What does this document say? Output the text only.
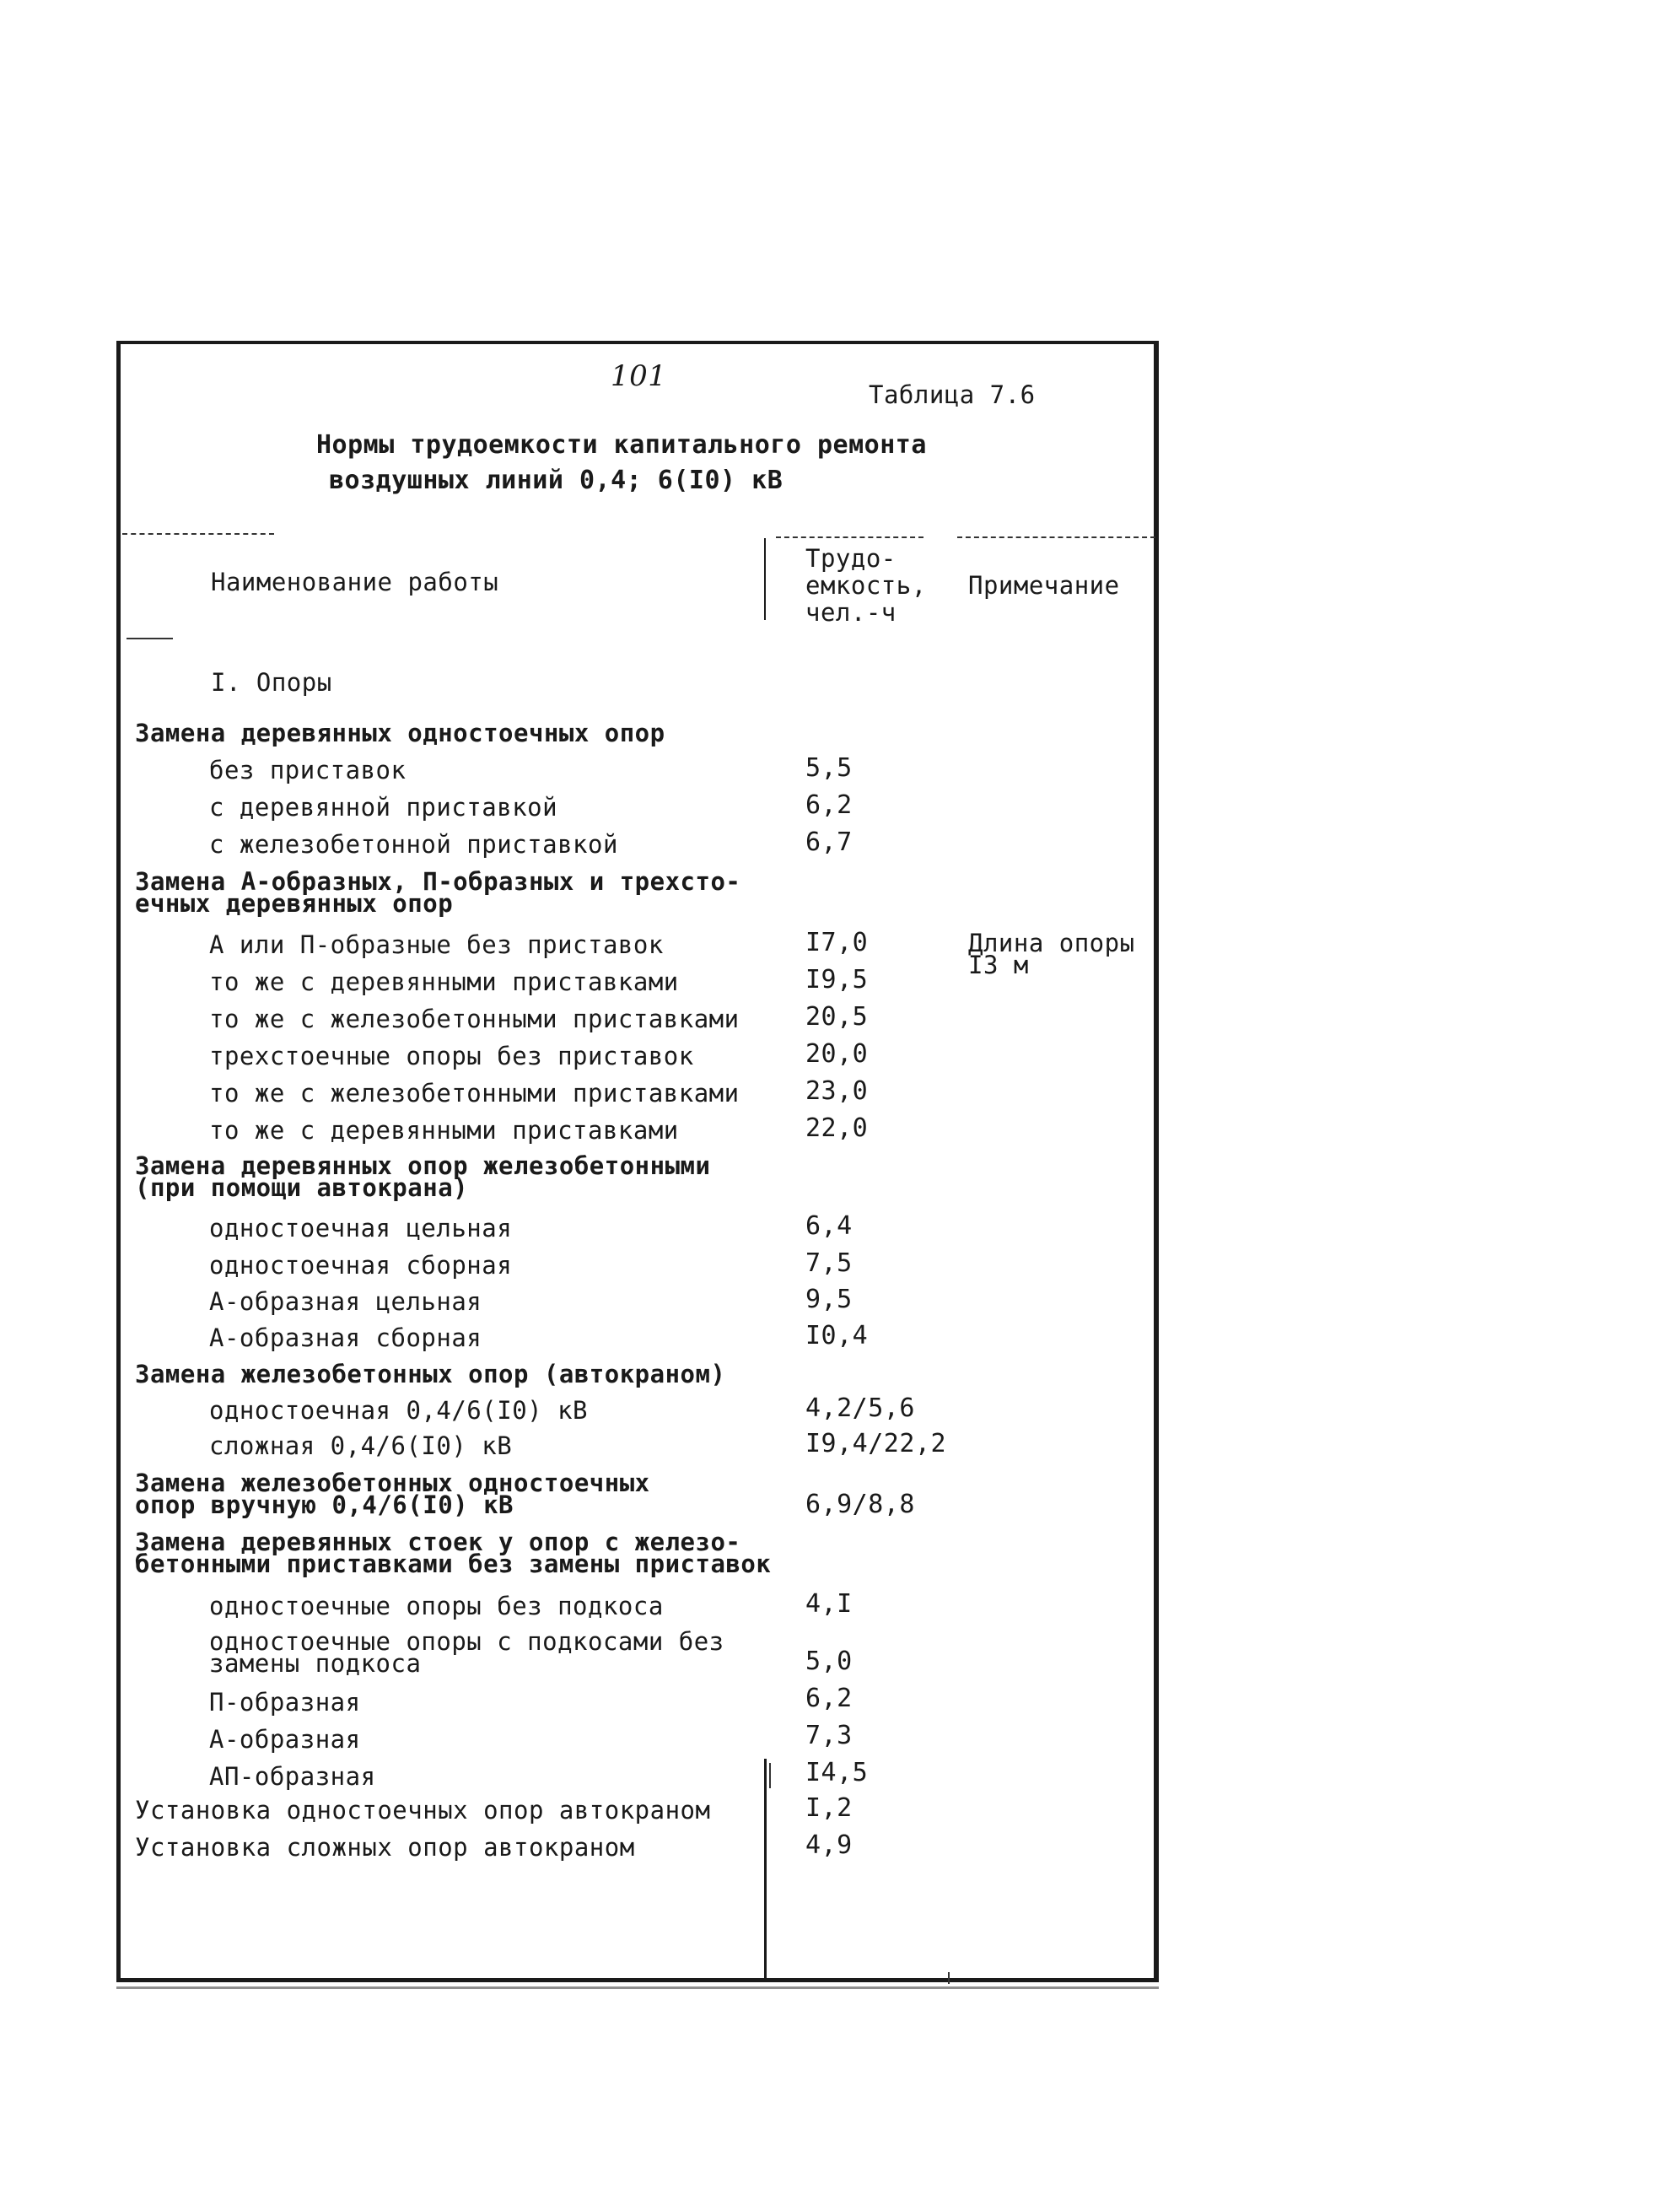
101
Таблица 7.6
Нормы трудоемкости капитального ремонта
воздушных линий 0,4; 6(I0) кВ
Наименование работы
Трудо-
емкость,
чел.-ч
Примечание
I. Опоры
Замена деревянных одностоечных опор
без приставок	5,5
с деревянной приставкой	6,2
с железобетонной приставкой	6,7
Замена А-образных, П-образных и трехсто-
ечных деревянных опор
А или П-образные без приставок	I7,0	Длина опоры
I3 м
то же с деревянными приставками	I9,5
то же с железобетонными приставками	20,5
трехстоечные опоры без приставок	20,0
то же с железобетонными приставками	23,0
то же с деревянными приставками	22,0
Замена деревянных опор железобетонными
(при помощи автокрана)
одностоечная цельная	6,4
одностоечная сборная	7,5
А-образная цельная	9,5
А-образная сборная	I0,4
Замена железобетонных опор (автокраном)
одностоечная 0,4/6(I0) кВ	4,2/5,6
сложная 0,4/6(I0) кВ	I9,4/22,2
Замена железобетонных одностоечных
опор вручную 0,4/6(I0) кВ	6,9/8,8
Замена деревянных стоек у опор с железо-
бетонными приставками без замены приставок
одностоечные опоры без подкоса	4,I
одностоечные опоры с подкосами без
замены подкоса	5,0
П-образная	6,2
А-образная	7,3
АП-образная	I4,5
Установка одностоечных опор автокраном	I,2
Установка сложных опор автокраном	4,9
